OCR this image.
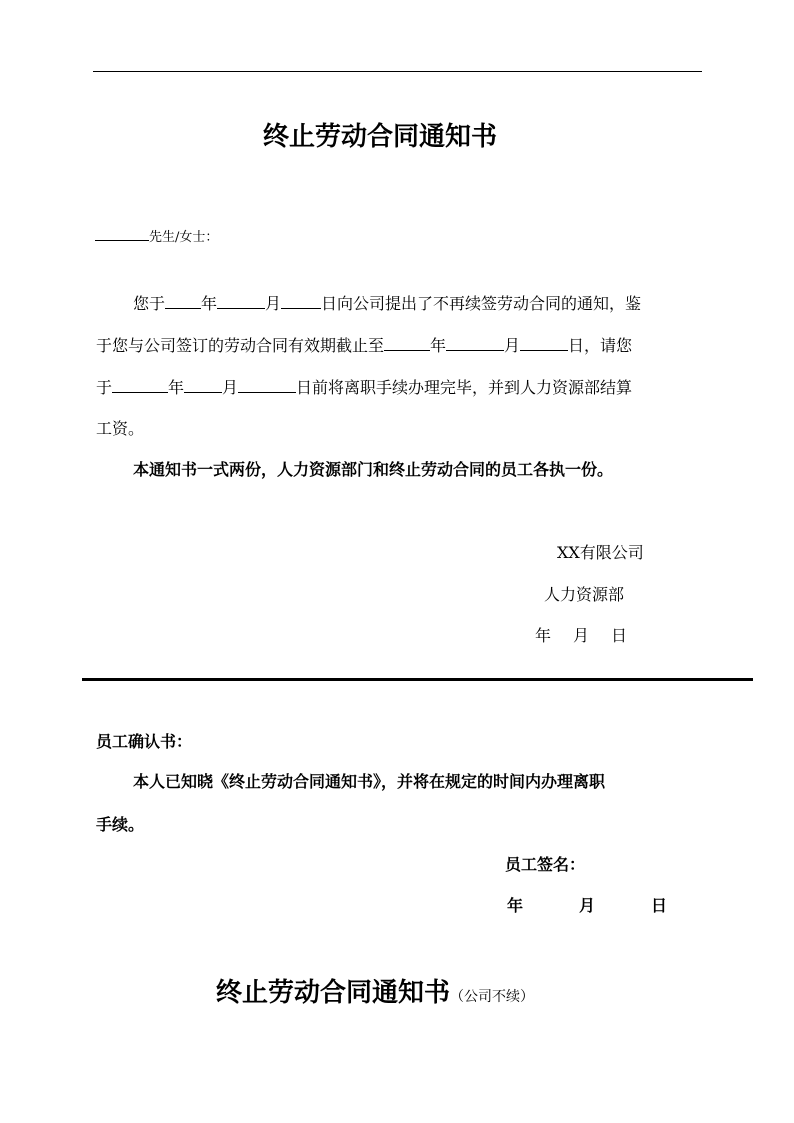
终止劳动合同通知书
先生/女士：
您于 年	月	日向公司提出了不再续签劳动合同的通知，鉴
于您与公司签订的劳动合同有效期截止至	年	月	日，请您
于	年 月	日前将离职手续办理完毕，并到人力资源部结算
工资。
本通知书一式两份，人力资源部门和终止劳动合同的员工各执一份。
XX有限公司
人力资源部
年 月 日
员工确认书：
本人已知晓《终止劳动合同通知书》，并将在规定的时间内办理离职
手续。
员工签名：
年	月	日
终止劳动合同通知书（公司不续）
